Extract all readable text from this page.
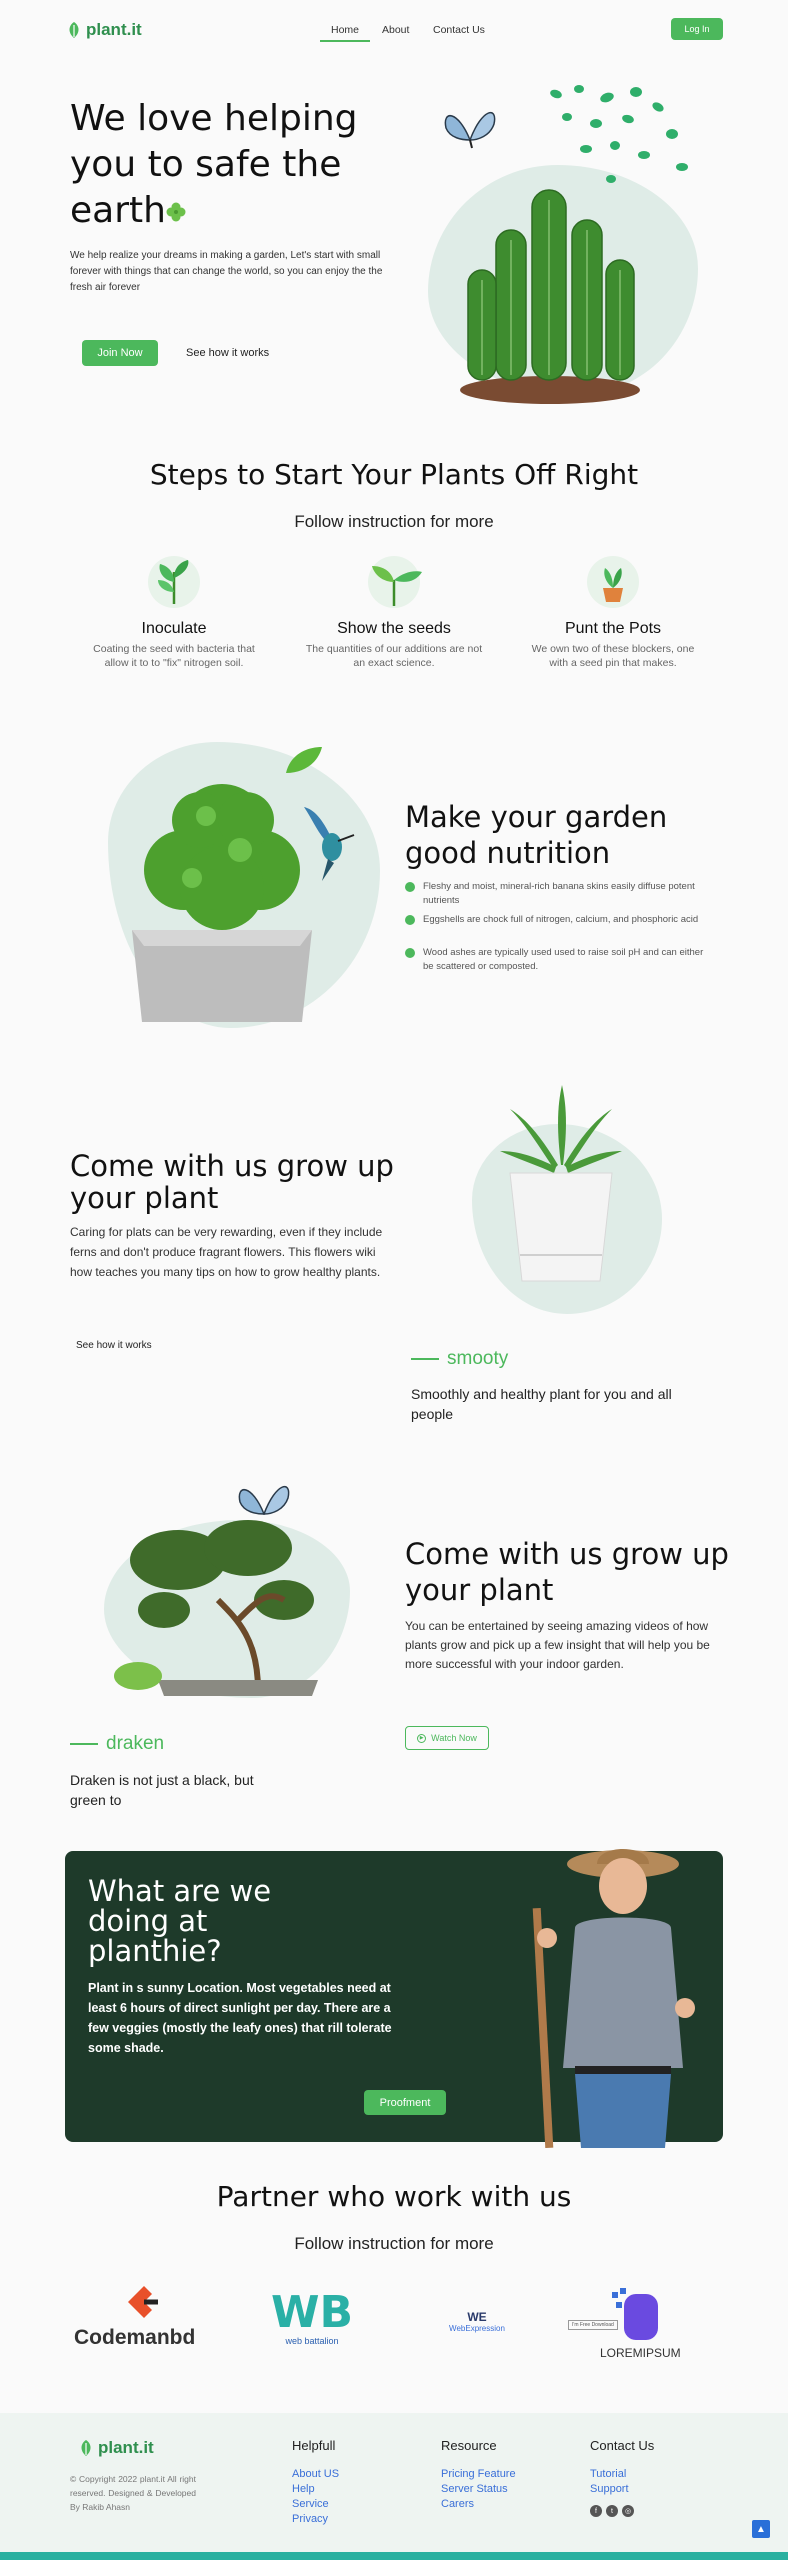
plant.it	Home About Contact Us	Log In
We love helping
you to safe the
earth
We help realize your dreams in making a garden, Let's start with small forever with things that can change the world, so you can enjoy the the fresh air forever
Join Now	See how it works
Steps to Start Your Plants Off Right
Follow instruction for more
Inoculate
Coating the seed with bacteria that allow it to to "fix" nitrogen soil.
Show the seeds
The quantities of our additions are not an exact science.
Punt the Pots
We own two of these blockers, one with a seed pin that makes.
Make your garden
good nutrition
Fleshy and moist, mineral-rich banana skins easily diffuse potent nutrients
Eggshells are chock full of nitrogen, calcium, and phosphoric acid
Wood ashes are typically used used to raise soil pH and can either be scattered or composted.
Come with us grow up
your plant
Caring for plats can be very rewarding, even if they include ferns and don't produce fragrant flowers. This flowers wiki how teaches you many tips on how to grow healthy plants.
See how it works
smooty
Smoothly and healthy plant for you and all people
draken
Draken is not just a black, but green to
Come with us grow up
your plant
You can be entertained by seeing amazing videos of how plants grow and pick up a few insight that will help you be more successful with your indoor garden.
▶ Watch Now
What are we
doing at
planthie?
Plant in s sunny Location. Most vegetables need at least 6 hours of direct sunlight per day. There are a few veggies (mostly the leafy ones) that rill tolerate some shade.
Proofment
Partner who work with us
Follow instruction for more
Codemanbd WB
web battalion
WE
WebExpression	I'm Free Download
LOREMIPSUM
plant.it
© Copyright 2022 plant.it All right reserved. Designed & Developed By Rakib Ahasn
Helpfull
About US
Help
Service
Privacy
Resource
Pricing Feature
Server Status
Carers
Contact Us
Tutorial
Support
f	t	◎
▲
